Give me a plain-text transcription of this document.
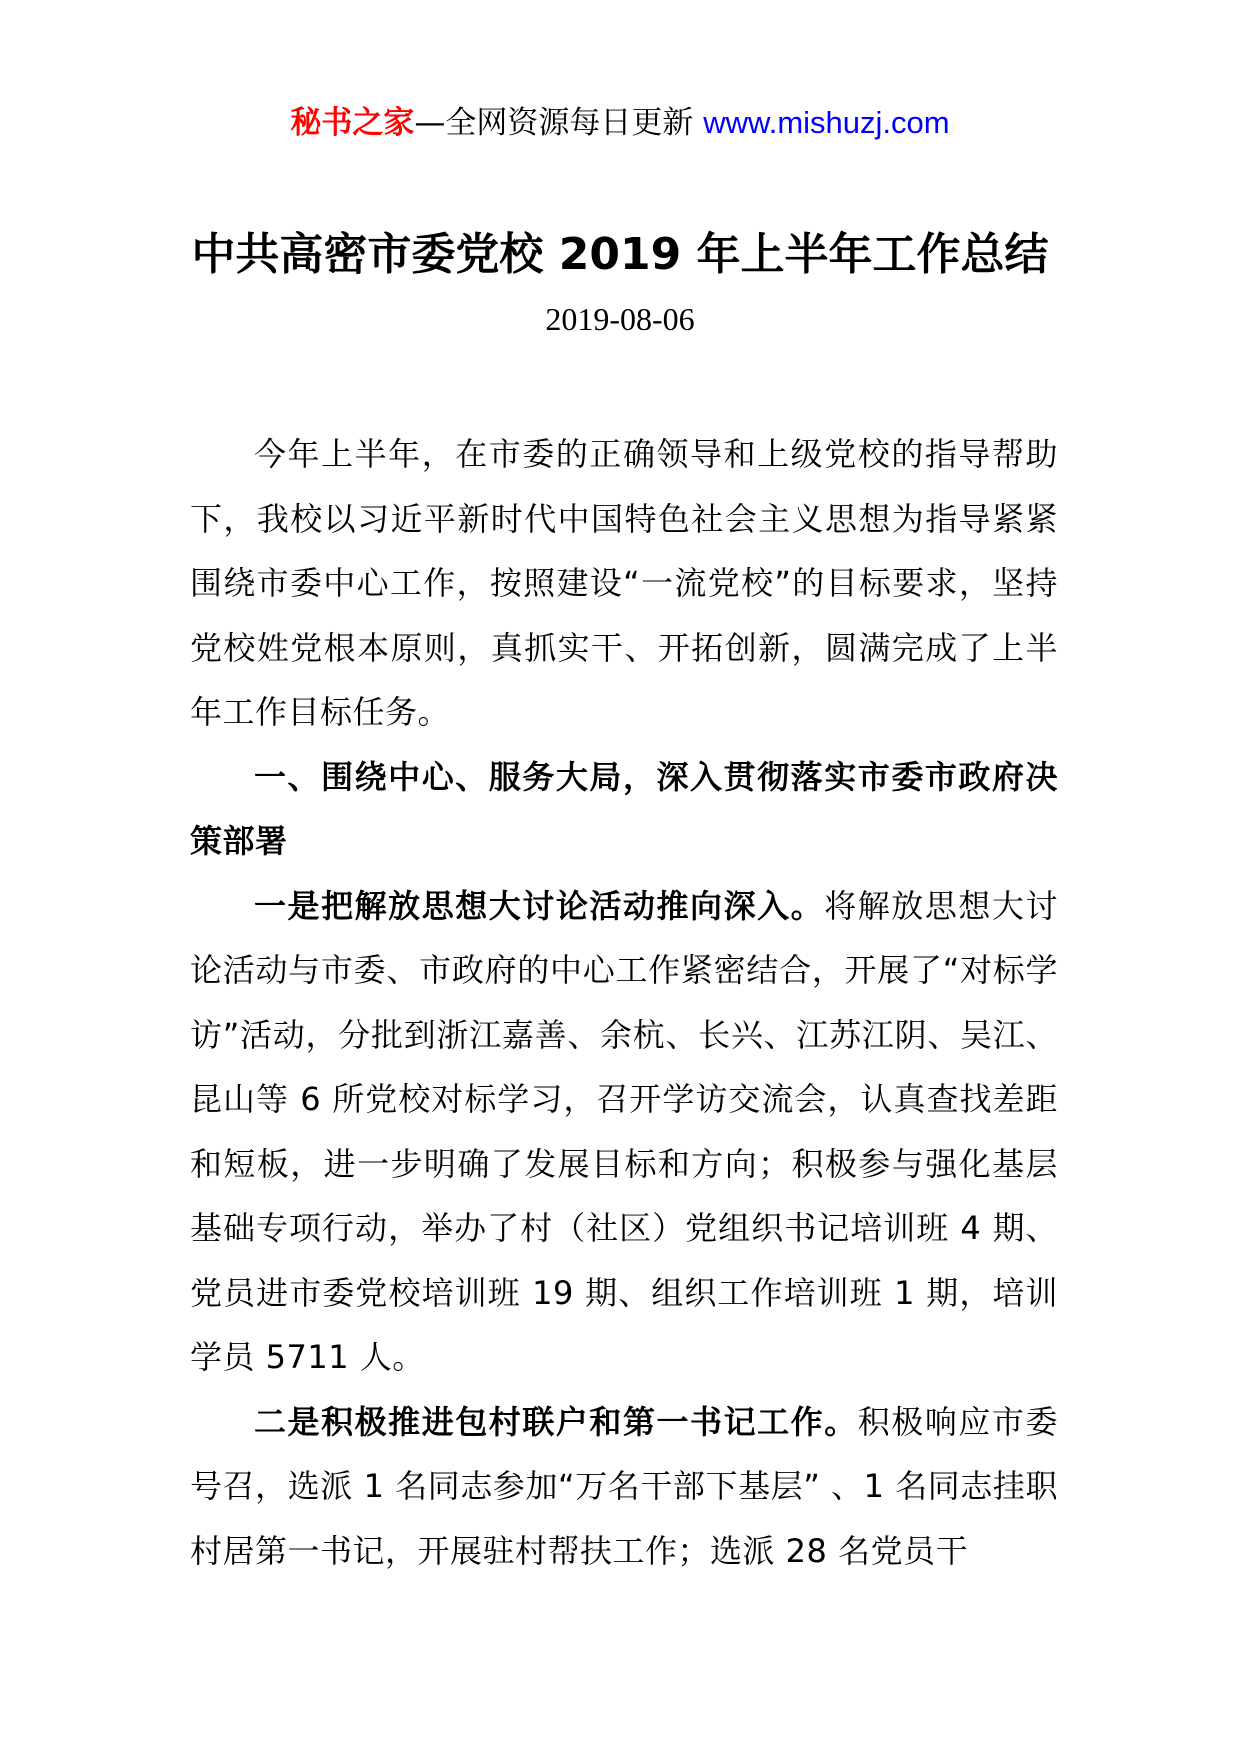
秘书之家—全网资源每日更新 www.mishuzj.com
中共高密市委党校 2019 年上半年工作总结
2019-08-06

今年上半年，在市委的正确领导和上级党校的指导帮助下，我校以习近平新时代中国特色社会主义思想为指导紧紧围绕市委中心工作，按照建设“一流党校”的目标要求，坚持党校姓党根本原则，真抓实干、开拓创新，圆满完成了上半年工作目标任务。

一、围绕中心、服务大局，深入贯彻落实市委市政府决策部署

一是把解放思想大讨论活动推向深入。将解放思想大讨论活动与市委、市政府的中心工作紧密结合，开展了“对标学访”活动，分批到浙江嘉善、余杭、长兴、江苏江阴、吴江、昆山等 6 所党校对标学习，召开学访交流会，认真查找差距和短板，进一步明确了发展目标和方向；积极参与强化基层基础专项行动，举办了村（社区）党组织书记培训班 4 期、党员进市委党校培训班 19 期、组织工作培训班 1 期，培训学员 5711 人。

二是积极推进包村联户和第一书记工作。积极响应市委号召，选派 1 名同志参加“万名干部下基层” 、1 名同志挂职村居第一书记，开展驻村帮扶工作；选派 28 名党员干
